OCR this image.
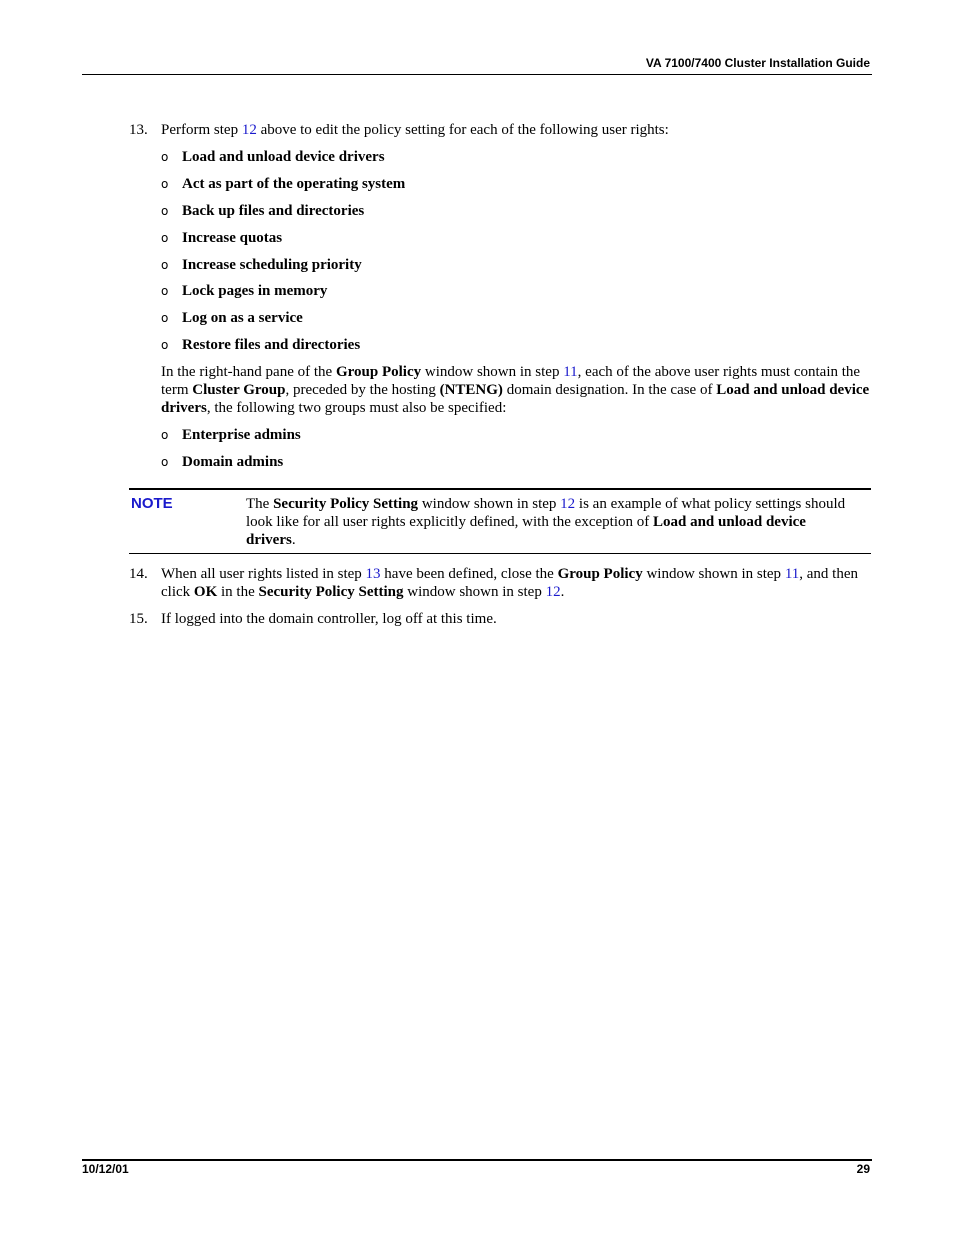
VA 7100/7400 Cluster Installation Guide
13. Perform step 12 above to edit the policy setting for each of the following user rights:
o Load and unload device drivers
o Act as part of the operating system
o Back up files and directories
o Increase quotas
o Increase scheduling priority
o Lock pages in memory
o Log on as a service
o Restore files and directories
In the right-hand pane of the Group Policy window shown in step 11, each of the above user rights must contain the term Cluster Group, preceded by the hosting (NTENG) domain designation. In the case of Load and unload device drivers, the following two groups must also be specified:
o Enterprise admins
o Domain admins
NOTE	The Security Policy Setting window shown in step 12 is an example of what policy settings should look like for all user rights explicitly defined, with the exception of Load and unload device drivers.
14. When all user rights listed in step 13 have been defined, close the Group Policy window shown in step 11, and then click OK in the Security Policy Setting window shown in step 12.
15. If logged into the domain controller, log off at this time.
10/12/01	29
